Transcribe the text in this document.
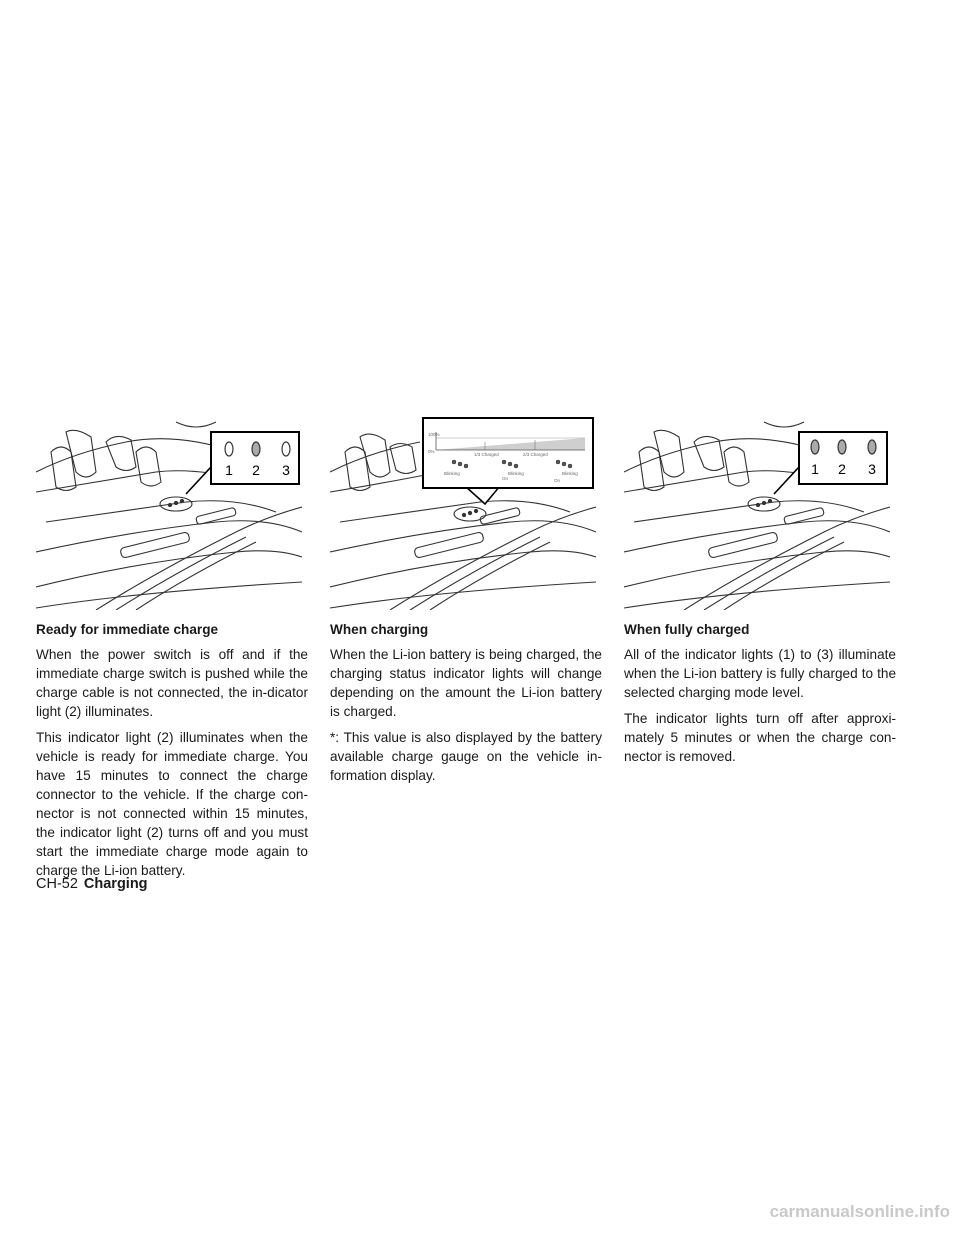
1 2 3
100%
0%
1/3 Charged	2/3 Charged
Blinking	Blinking	Blinking
On	On
1 2 3
Ready for immediate charge

When the power switch is off and if the immediate charge switch is pushed while the charge cable is not connected, the in-dicator light (2) illuminates.

This indicator light (2) illuminates when the vehicle is ready for immediate charge. You have 15 minutes to connect the charge connector to the vehicle. If the charge con-nector is not connected within 15 minutes, the indicator light (2) turns off and you must start the immediate charge mode again to charge the Li-ion battery.

When charging

When the Li-ion battery is being charged, the charging status indicator lights will change depending on the amount the Li-ion battery is charged.

*: This value is also displayed by the battery available charge gauge on the vehicle in-formation display.

When fully charged

All of the indicator lights (1) to (3) illuminate when the Li-ion battery is fully charged to the selected charging mode level.

The indicator lights turn off after approxi-mately 5 minutes or when the charge con-nector is removed.

CH-52 Charging
carmanualsonline.info
